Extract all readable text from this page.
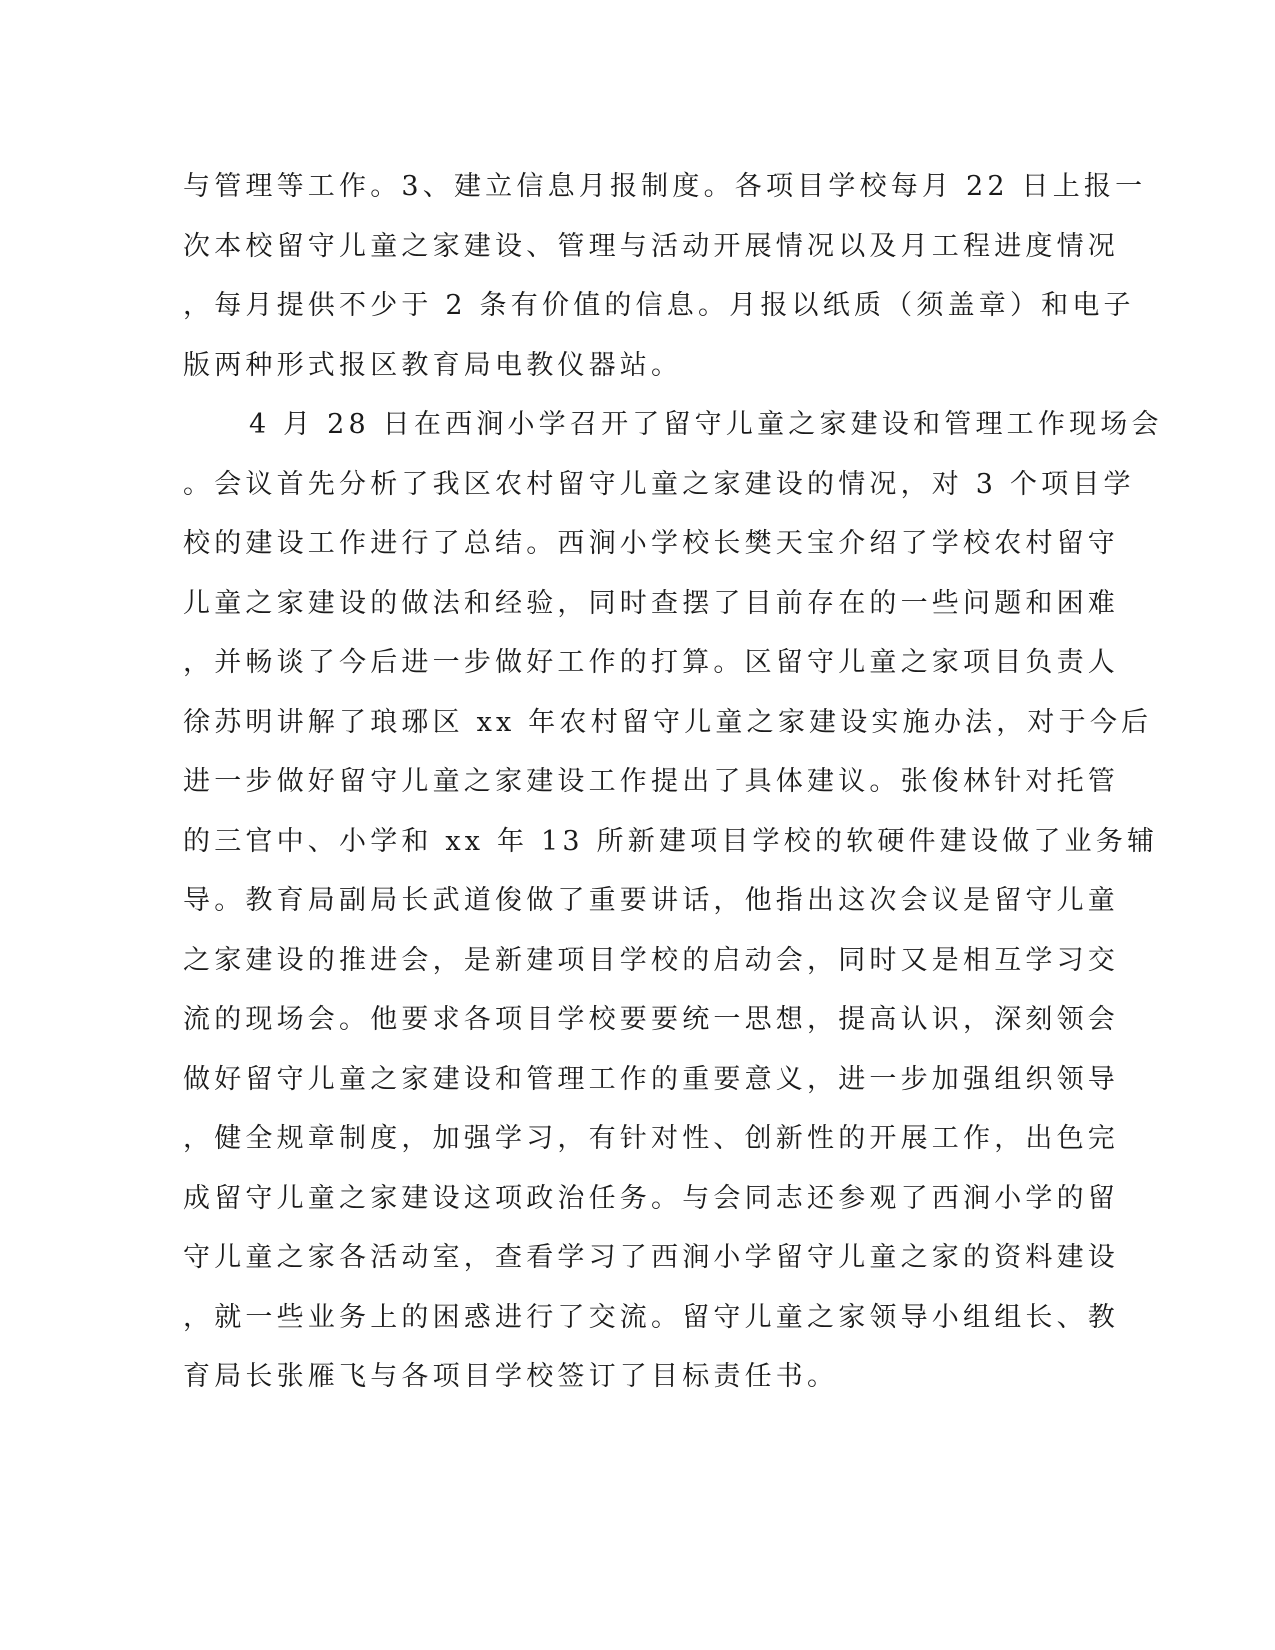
与管理等工作。3、建立信息月报制度。各项目学校每月 22 日上报一
次本校留守儿童之家建设、管理与活动开展情况以及月工程进度情况
，每月提供不少于 2 条有价值的信息。月报以纸质（须盖章）和电子
版两种形式报区教育局电教仪器站。
4 月 28 日在西涧小学召开了留守儿童之家建设和管理工作现场会
。会议首先分析了我区农村留守儿童之家建设的情况，对 3 个项目学
校的建设工作进行了总结。西涧小学校长樊天宝介绍了学校农村留守
儿童之家建设的做法和经验，同时查摆了目前存在的一些问题和困难
，并畅谈了今后进一步做好工作的打算。区留守儿童之家项目负责人
徐苏明讲解了琅琊区 xx 年农村留守儿童之家建设实施办法，对于今后
进一步做好留守儿童之家建设工作提出了具体建议。张俊林针对托管
的三官中、小学和 xx 年 13 所新建项目学校的软硬件建设做了业务辅
导。教育局副局长武道俊做了重要讲话，他指出这次会议是留守儿童
之家建设的推进会，是新建项目学校的启动会，同时又是相互学习交
流的现场会。他要求各项目学校要要统一思想，提高认识，深刻领会
做好留守儿童之家建设和管理工作的重要意义，进一步加强组织领导
，健全规章制度，加强学习，有针对性、创新性的开展工作，出色完
成留守儿童之家建设这项政治任务。与会同志还参观了西涧小学的留
守儿童之家各活动室，查看学习了西涧小学留守儿童之家的资料建设
，就一些业务上的困惑进行了交流。留守儿童之家领导小组组长、教
育局长张雁飞与各项目学校签订了目标责任书。
